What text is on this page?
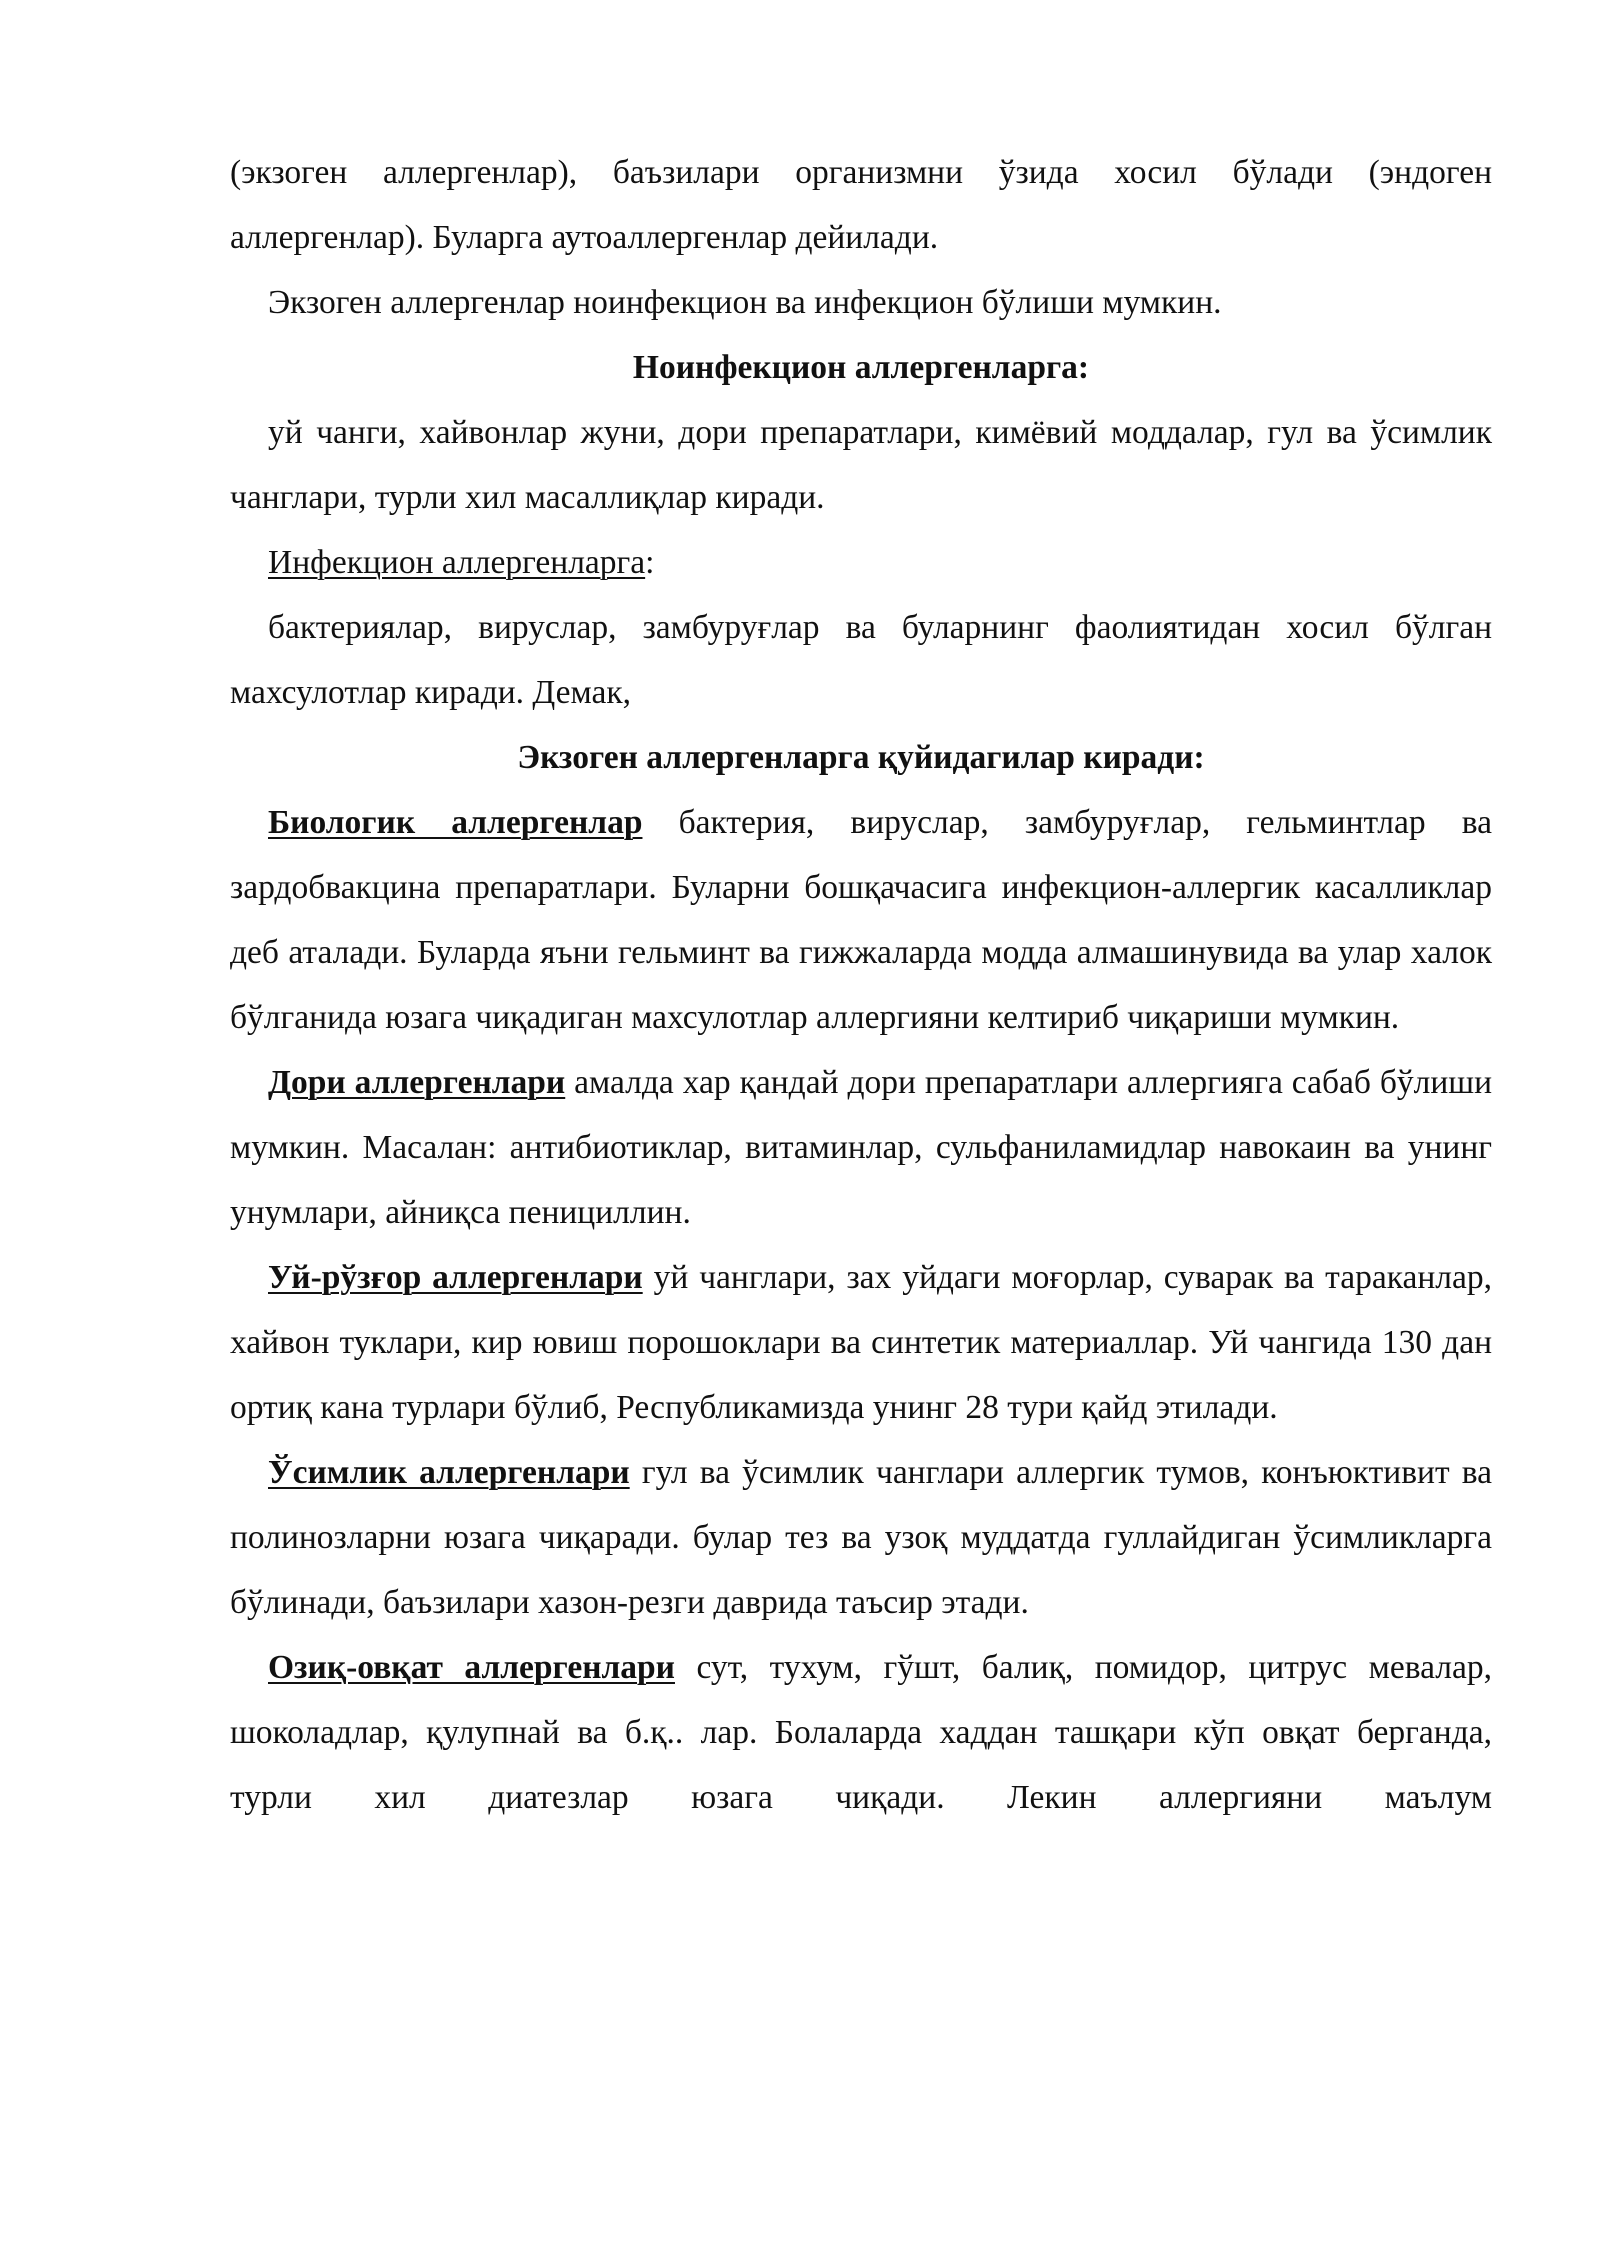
(экзоген аллергенлар), баъзилари организмни ўзида хосил бўлади (эндоген аллергенлар). Буларга аутоаллергенлар дейилади.

Экзоген аллергенлар ноинфекцион ва инфекцион бўлиши мумкин.

Ноинфекцион аллергенларга:

уй чанги, хайвонлар жуни, дори препаратлари, кимёвий моддалар, гул ва ўсимлик чанглари, турли хил масаллиқлар киради.

Инфекцион аллергенларга:

бактериялар, вируслар, замбуруғлар ва буларнинг фаолиятидан хосил бўлган махсулотлар киради. Демак,

Экзоген аллергенларга қуйидагилар киради:

Биологик аллергенлар бактерия, вируслар, замбуруғлар, гельминтлар ва зардобвакцина препаратлари. Буларни бошқачасига инфекцион-аллергик касалликлар деб аталади. Буларда яъни гельминт ва гижжаларда модда алмашинувида ва улар халок бўлганида юзага чиқадиган махсулотлар аллергияни келтириб чиқариши мумкин.

Дори аллергенлари амалда хар қандай дори препаратлари аллергияга сабаб бўлиши мумкин. Масалан: антибиотиклар, витаминлар, сульфаниламидлар навокаин ва унинг унумлари, айниқса пенициллин.

Уй-рўзғор аллергенлари уй чанглари, зах уйдаги моғорлар, суварак ва тараканлар, хайвон туклари, кир ювиш порошоклари ва синтетик материаллар. Уй чангида 130 дан ортиқ кана турлари бўлиб, Республикамизда унинг 28 тури қайд этилади.

Ўсимлик аллергенлари гул ва ўсимлик чанглари аллергик тумов, конъюктивит ва полинозларни юзага чиқаради. булар тез ва узоқ муддатда гуллайдиган ўсимликларга бўлинади, баъзилари хазон-резги даврида таъсир этади.

Озиқ-овқат аллергенлари сут, тухум, гўшт, балиқ, помидор, цитрус мевалар, шоколадлар, қулупнай ва б.қ.. лар. Болаларда хаддан ташқари кўп овқат берганда, турли хил диатезлар юзага чиқади. Лекин аллергияни маълум
